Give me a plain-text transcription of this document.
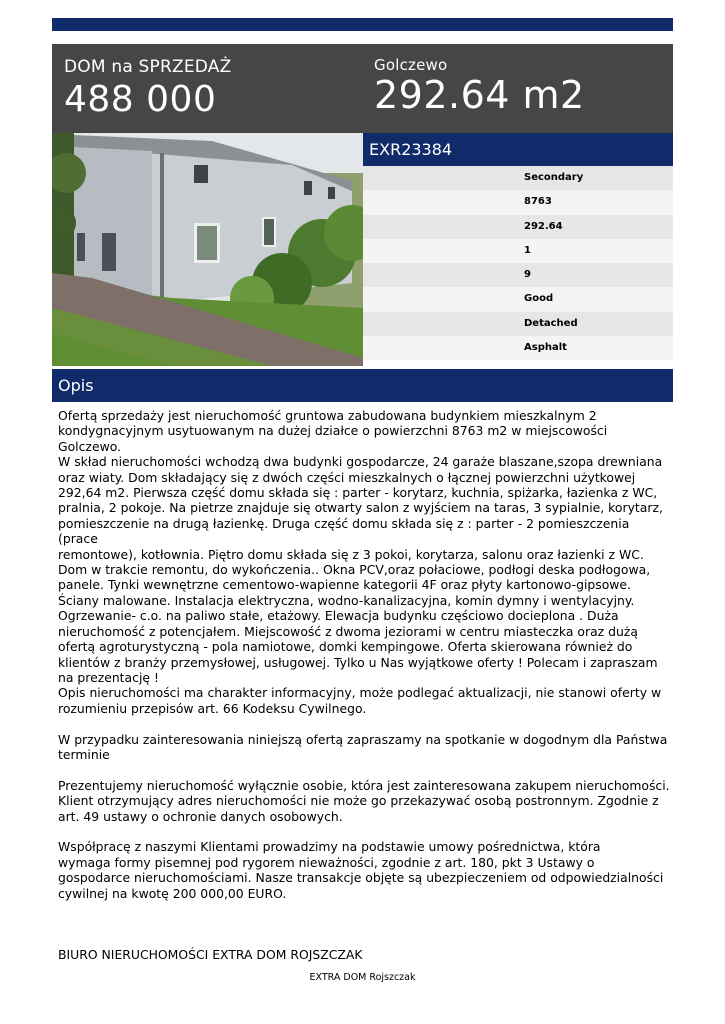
DOM na SPRZEDAŻ
488 000
Golczewo
292.64 m2
EXR23384
Secondary
8763
292.64
1
9
Good
Detached
Asphalt
Opis

Ofertą sprzedaży jest nieruchomość gruntowa zabudowana budynkiem mieszkalnym 2
kondygnacyjnym usytuowanym na dużej działce o powierzchni 8763 m2 w miejscowości Golczewo.
W skład nieruchomości wchodzą dwa budynki gospodarcze, 24 garaże blaszane,szopa drewniana
oraz wiaty. Dom składający się z dwóch części mieszkalnych o łącznej powierzchni użytkowej
292,64 m2. Pierwsza część domu składa się : parter - korytarz, kuchnia, spiżarka, łazienka z WC,
pralnia, 2 pokoje. Na pietrze znajduje się otwarty salon z wyjściem na taras, 3 sypialnie, korytarz,
pomieszczenie na drugą łazienkę. Druga część domu składa się z : parter - 2 pomieszczenia (prace
remontowe), kotłownia. Piętro domu składa się z 3 pokoi, korytarza, salonu oraz łazienki z WC.
Dom w trakcie remontu, do wykończenia.. Okna PCV,oraz połaciowe, podłogi deska podłogowa,
panele. Tynki wewnętrzne cementowo-wapienne kategorii 4F oraz płyty kartonowo-gipsowe.
Ściany malowane. Instalacja elektryczna, wodno-kanalizacyjna, komin dymny i wentylacyjny.
Ogrzewanie- c.o. na paliwo stałe, etażowy. Elewacja budynku częściowo docieplona . Duża
nieruchomość z potencjałem. Miejscowość z dwoma jeziorami w centru miasteczka oraz dużą
ofertą agroturystyczną - pola namiotowe, domki kempingowe. Oferta skierowana również do
klientów z branży przemysłowej, usługowej. Tylko u Nas wyjątkowe oferty ! Polecam i zapraszam
na prezentację !
Opis nieruchomości ma charakter informacyjny, może podlegać aktualizacji, nie stanowi oferty w
rozumieniu przepisów art. 66 Kodeksu Cywilnego.

W przypadku zainteresowania niniejszą ofertą zapraszamy na spotkanie w dogodnym dla Państwa
terminie

Prezentujemy nieruchomość wyłącznie osobie, która jest zainteresowana zakupem nieruchomości.
Klient otrzymujący adres nieruchomości nie może go przekazywać osobą postronnym. Zgodnie z
art. 49 ustawy o ochronie danych osobowych.

Współpracę z naszymi Klientami prowadzimy na podstawie umowy pośrednictwa, która
wymaga formy pisemnej pod rygorem nieważności, zgodnie z art. 180, pkt 3 Ustawy o
gospodarce nieruchomościami. Nasze transakcje objęte są ubezpieczeniem od odpowiedzialności
cywilnej na kwotę 200 000,00 EURO.

BIURO NIERUCHOMOŚCI EXTRA DOM ROJSZCZAK

EXTRA DOM Rojszczak
